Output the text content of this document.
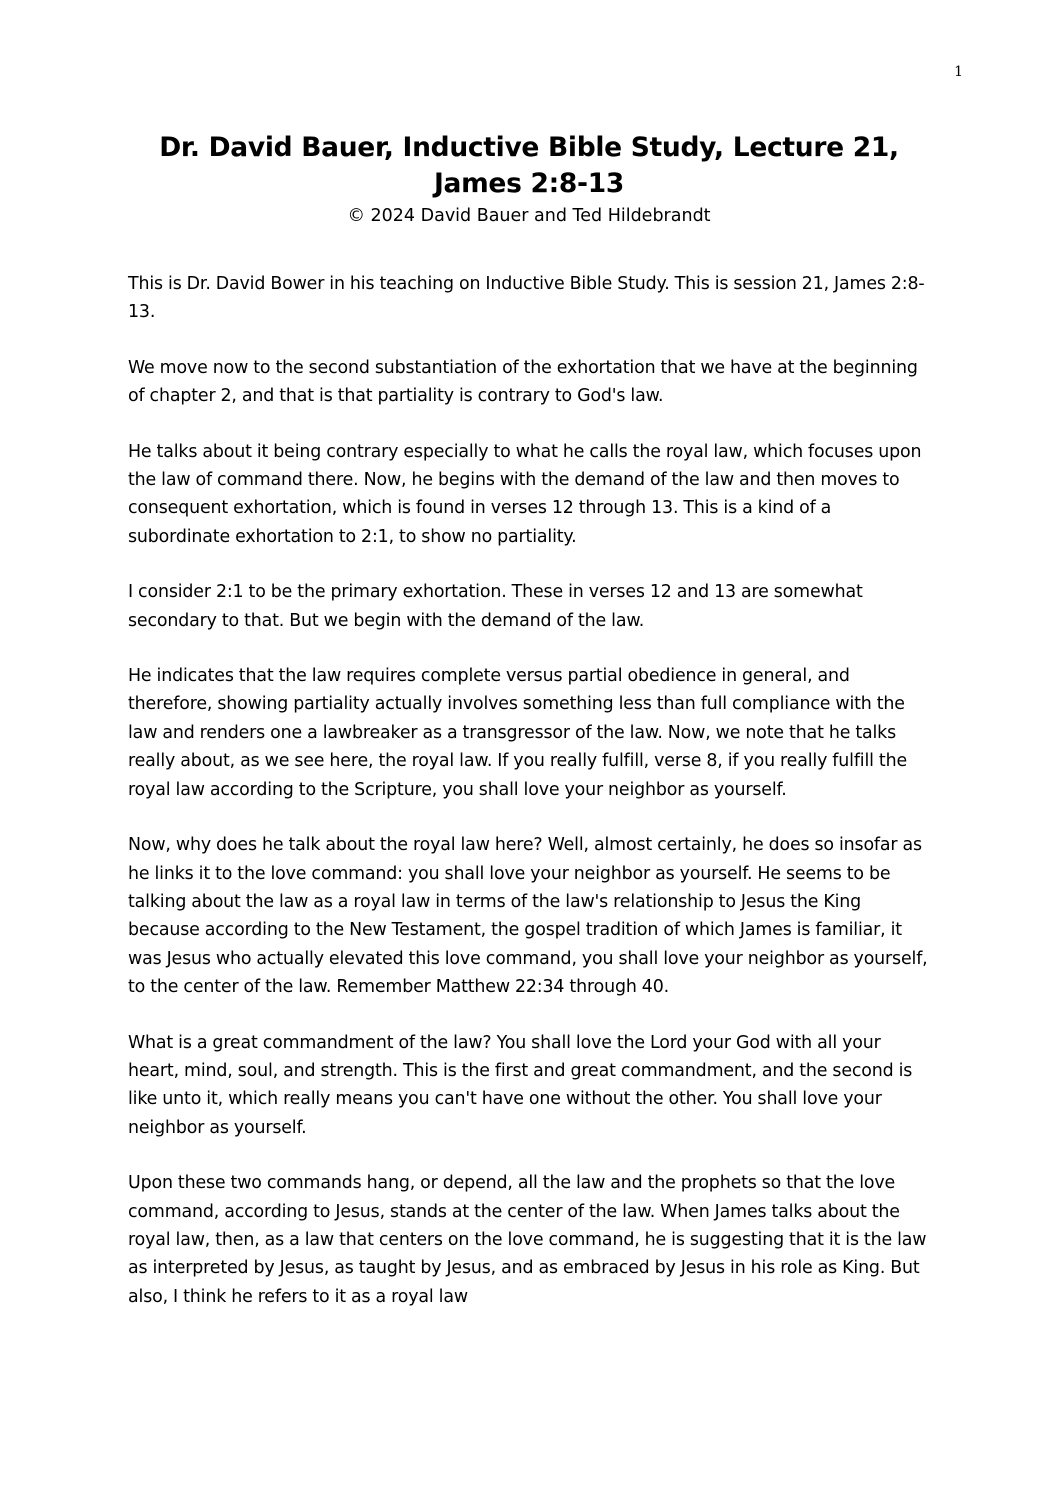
1
Dr. David Bauer, Inductive Bible Study, Lecture 21, James 2:8-13
© 2024 David Bauer and Ted Hildebrandt

This is Dr. David Bower in his teaching on Inductive Bible Study. This is session 21, James 2:8-13.

We move now to the second substantiation of the exhortation that we have at the beginning of chapter 2, and that is that partiality is contrary to God's law.

He talks about it being contrary especially to what he calls the royal law, which focuses upon the law of command there. Now, he begins with the demand of the law and then moves to consequent exhortation, which is found in verses 12 through 13. This is a kind of a subordinate exhortation to 2:1, to show no partiality.

I consider 2:1 to be the primary exhortation. These in verses 12 and 13 are somewhat secondary to that. But we begin with the demand of the law.

He indicates that the law requires complete versus partial obedience in general, and therefore, showing partiality actually involves something less than full compliance with the law and renders one a lawbreaker as a transgressor of the law. Now, we note that he talks really about, as we see here, the royal law. If you really fulfill, verse 8, if you really fulfill the royal law according to the Scripture, you shall love your neighbor as yourself.

Now, why does he talk about the royal law here? Well, almost certainly, he does so insofar as he links it to the love command: you shall love your neighbor as yourself. He seems to be talking about the law as a royal law in terms of the law's relationship to Jesus the King because according to the New Testament, the gospel tradition of which James is familiar, it was Jesus who actually elevated this love command, you shall love your neighbor as yourself, to the center of the law. Remember Matthew 22:34 through 40.

What is a great commandment of the law? You shall love the Lord your God with all your heart, mind, soul, and strength. This is the first and great commandment, and the second is like unto it, which really means you can't have one without the other. You shall love your neighbor as yourself.

Upon these two commands hang, or depend, all the law and the prophets so that the love command, according to Jesus, stands at the center of the law. When James talks about the royal law, then, as a law that centers on the love command, he is suggesting that it is the law as interpreted by Jesus, as taught by Jesus, and as embraced by Jesus in his role as King. But also, I think he refers to it as a royal law
